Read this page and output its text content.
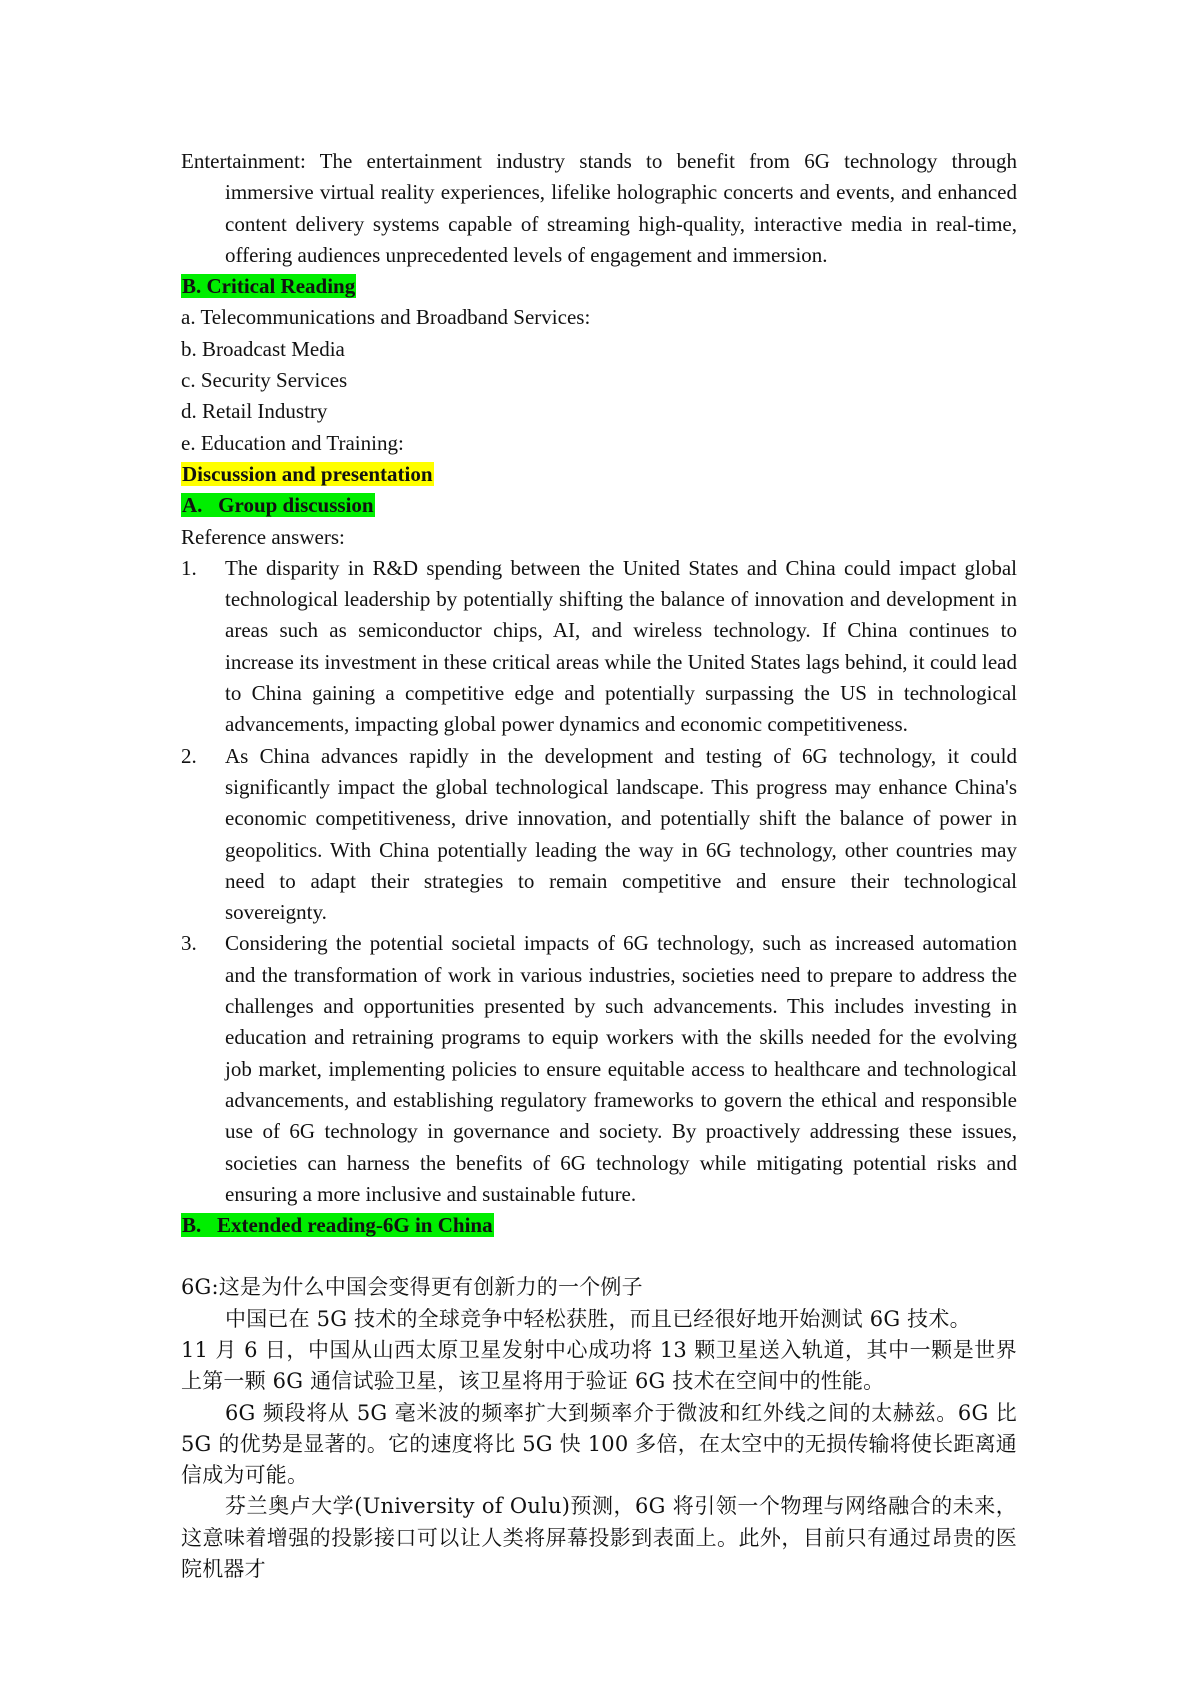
Entertainment: The entertainment industry stands to benefit from 6G technology through immersive virtual reality experiences, lifelike holographic concerts and events, and enhanced content delivery systems capable of streaming high-quality, interactive media in real-time, offering audiences unprecedented levels of engagement and immersion.

B. Critical Reading

a. Telecommunications and Broadband Services:

b. Broadcast Media

c. Security Services

d. Retail Industry

e. Education and Training:

Discussion and presentation

A.   Group discussion

Reference answers:

1. The disparity in R&D spending between the United States and China could impact global technological leadership by potentially shifting the balance of innovation and development in areas such as semiconductor chips, AI, and wireless technology. If China continues to increase its investment in these critical areas while the United States lags behind, it could lead to China gaining a competitive edge and potentially surpassing the US in technological advancements, impacting global power dynamics and economic competitiveness.
2. As China advances rapidly in the development and testing of 6G technology, it could significantly impact the global technological landscape. This progress may enhance China's economic competitiveness, drive innovation, and potentially shift the balance of power in geopolitics. With China potentially leading the way in 6G technology, other countries may need to adapt their strategies to remain competitive and ensure their technological sovereignty.
3. Considering the potential societal impacts of 6G technology, such as increased automation and the transformation of work in various industries, societies need to prepare to address the challenges and opportunities presented by such advancements. This includes investing in education and retraining programs to equip workers with the skills needed for the evolving job market, implementing policies to ensure equitable access to healthcare and technological advancements, and establishing regulatory frameworks to govern the ethical and responsible use of 6G technology in governance and society. By proactively addressing these issues, societies can harness the benefits of 6G technology while mitigating potential risks and ensuring a more inclusive and sustainable future.

B.   Extended reading-6G in China

6G:这是为什么中国会变得更有创新力的一个例子

中国已在 5G 技术的全球竞争中轻松获胜，而且已经很好地开始测试 6G 技术。

11 月 6 日，中国从山西太原卫星发射中心成功将 13 颗卫星送入轨道，其中一颗是世界上第一颗 6G 通信试验卫星，该卫星将用于验证 6G 技术在空间中的性能。

6G 频段将从 5G 毫米波的频率扩大到频率介于微波和红外线之间的太赫兹。6G 比 5G 的优势是显著的。它的速度将比 5G 快 100 多倍，在太空中的无损传输将使长距离通信成为可能。

芬兰奥卢大学(University of Oulu)预测，6G 将引领一个物理与网络融合的未来，这意味着增强的投影接口可以让人类将屏幕投影到表面上。此外，目前只有通过昂贵的医院机器才
